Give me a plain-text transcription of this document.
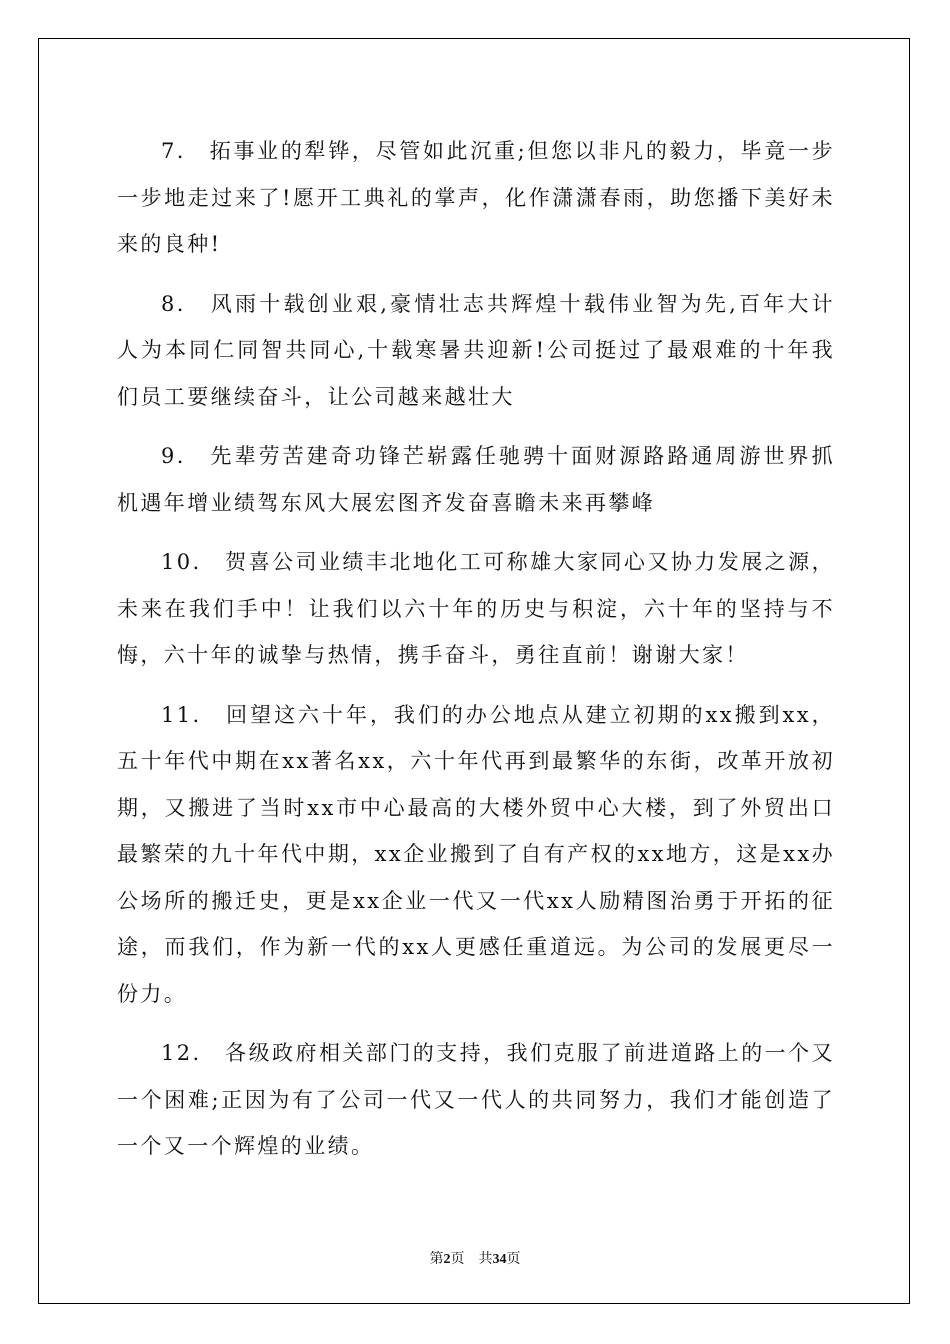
7.　拓事业的犁铧，尽管如此沉重;但您以非凡的毅力，毕竟一步一步地走过来了!愿开工典礼的掌声，化作潇潇春雨，助您播下美好未来的良种!

8.　风雨十载创业艰,豪情壮志共辉煌十载伟业智为先,百年大计人为本同仁同智共同心,十载寒暑共迎新!公司挺过了最艰难的十年我们员工要继续奋斗，让公司越来越壮大

9.　先辈劳苦建奇功锋芒崭露任驰骋十面财源路路通周游世界抓机遇年增业绩驾东风大展宏图齐发奋喜瞻未来再攀峰

10.　贺喜公司业绩丰北地化工可称雄大家同心又协力发展之源，未来在我们手中！让我们以六十年的历史与积淀，六十年的坚持与不悔，六十年的诚挚与热情，携手奋斗，勇往直前！谢谢大家！

11.　回望这六十年，我们的办公地点从建立初期的xx搬到xx，五十年代中期在xx著名xx，六十年代再到最繁华的东街，改革开放初期，又搬进了当时xx市中心最高的大楼外贸中心大楼，到了外贸出口最繁荣的九十年代中期，xx企业搬到了自有产权的xx地方，这是xx办公场所的搬迁史，更是xx企业一代又一代xx人励精图治勇于开拓的征途，而我们，作为新一代的xx人更感任重道远。为公司的发展更尽一份力。

12.　各级政府相关部门的支持，我们克服了前进道路上的一个又一个困难;正因为有了公司一代又一代人的共同努力，我们才能创造了一个又一个辉煌的业绩。

第2页　共34页
